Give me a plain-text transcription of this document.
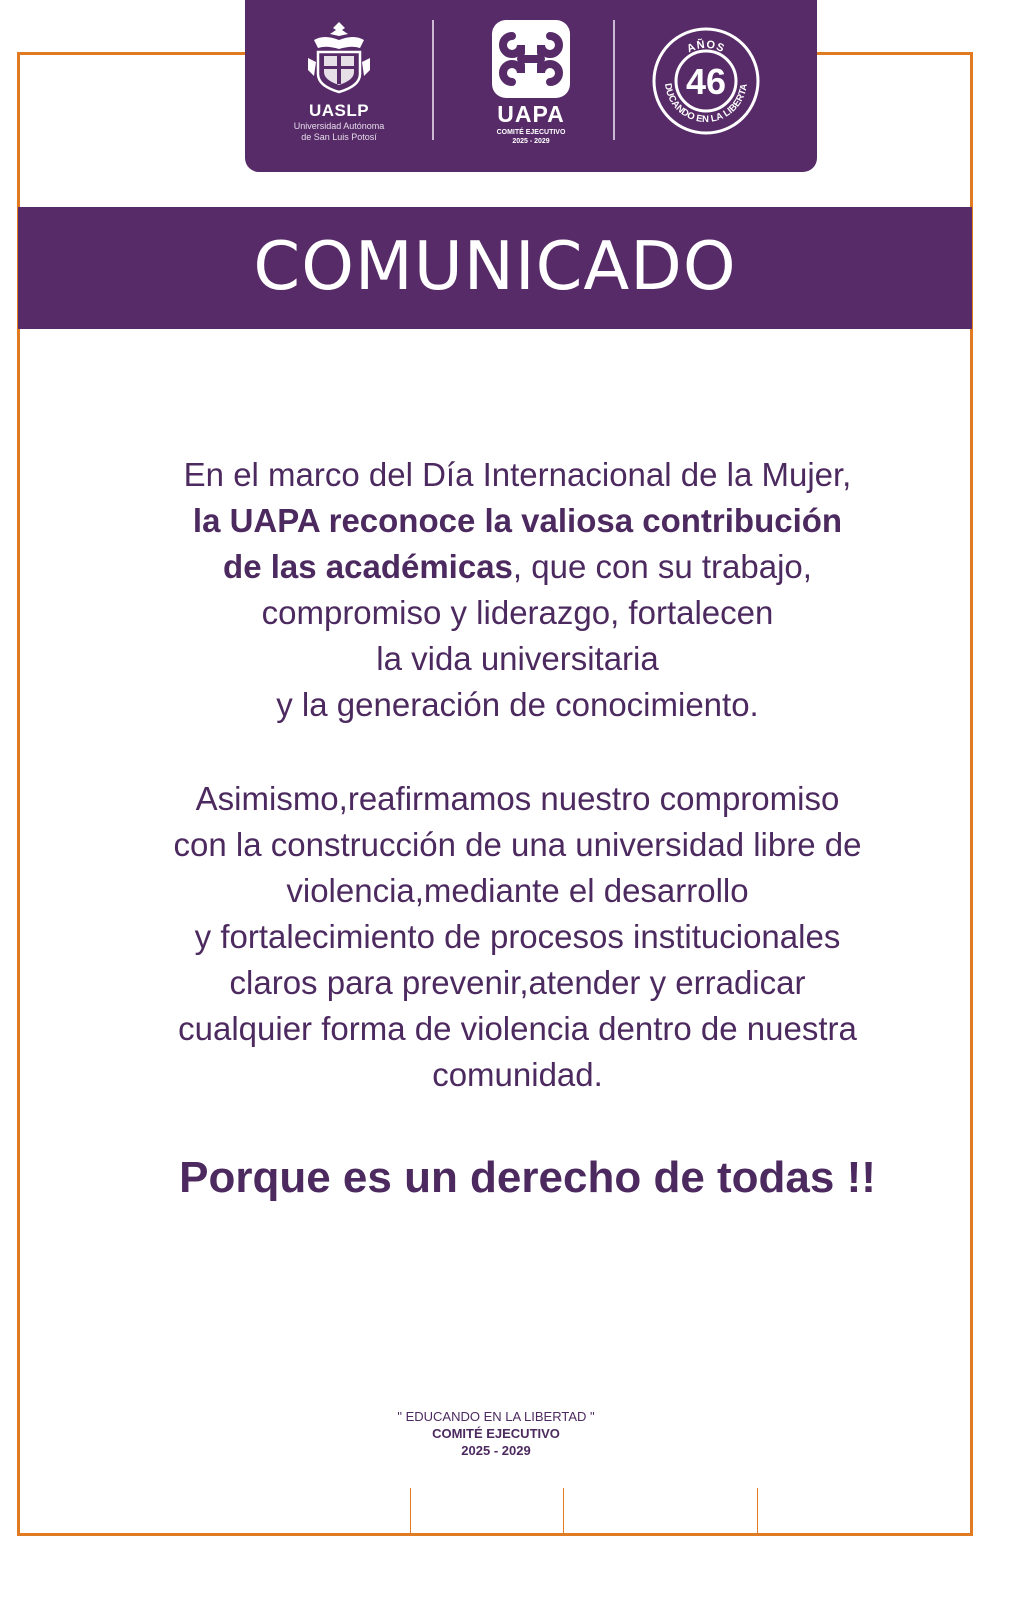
UASLP
Universidad Autónoma
de San Luis Potosí
UAPA
COMITÉ EJECUTIVO
2025 - 2029
46
AÑOS
DUCANDO EN LA LIBERTA
COMUNICADO
En el marco del Día Internacional de la Mujer,
la UAPA reconoce la valiosa contribución
de las académicas, que con su trabajo,
compromiso y liderazgo, fortalecen
la vida universitaria
y la generación de conocimiento.
Asimismo,reafirmamos nuestro compromiso
con la construcción de una universidad libre de
violencia,mediante el desarrollo
y fortalecimiento de procesos institucionales
claros para prevenir,atender y erradicar
cualquier forma de violencia dentro de nuestra
comunidad.
Porque es un derecho de todas !!
" EDUCANDO EN LA LIBERTAD "
COMITÉ EJECUTIVO
2025 - 2029
